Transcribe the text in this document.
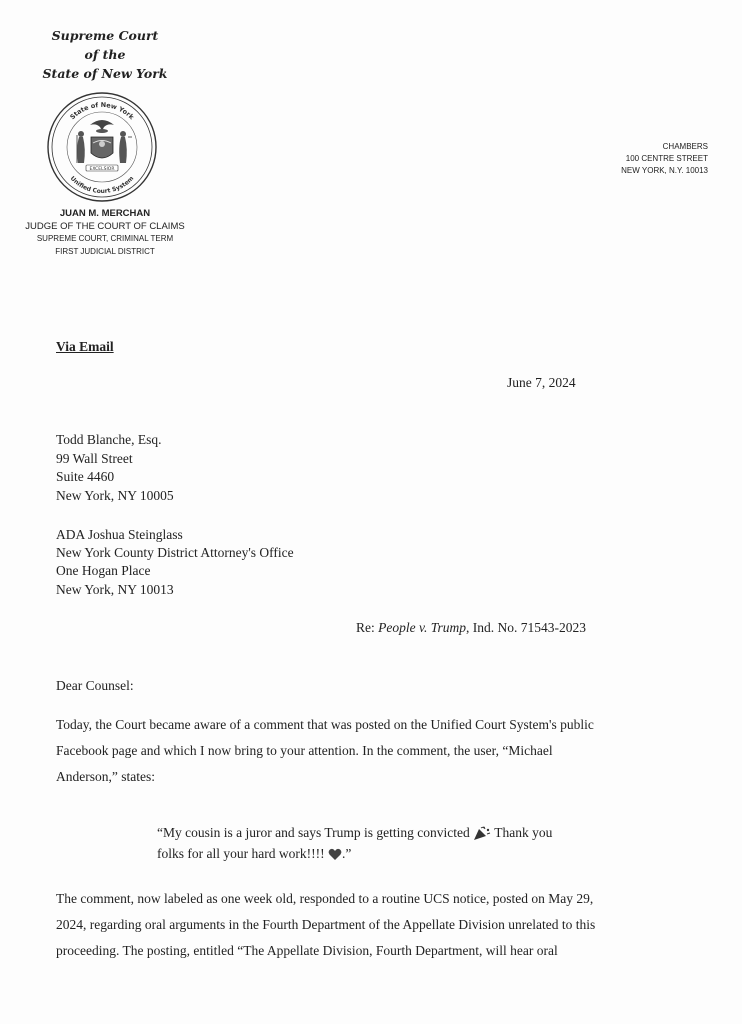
Supreme Court
of the
State of New York
State of New York
Unified Court System
EXCELSIOR
JUAN M. MERCHAN
JUDGE OF THE COURT OF CLAIMS
SUPREME COURT, CRIMINAL TERM
FIRST JUDICIAL DISTRICT
CHAMBERS
100 CENTRE STREET
NEW YORK, N.Y. 10013
Via Email
June 7, 2024
Todd Blanche, Esq.
99 Wall Street
Suite 4460
New York, NY 10005
ADA Joshua Steinglass
New York County District Attorney's Office
One Hogan Place
New York, NY 10013
Re: People v. Trump, Ind. No. 71543-2023
Dear Counsel:
Today, the Court became aware of a comment that was posted on the Unified Court System's public
Facebook page and which I now bring to your attention. In the comment, the user, “Michael
Anderson,” states:
“My cousin is a juror and says Trump is getting convicted  Thank you
folks for all your hard work!!!! .”
The comment, now labeled as one week old, responded to a routine UCS notice, posted on May 29,
2024, regarding oral arguments in the Fourth Department of the Appellate Division unrelated to this
proceeding. The posting, entitled “The Appellate Division, Fourth Department, will hear oral
